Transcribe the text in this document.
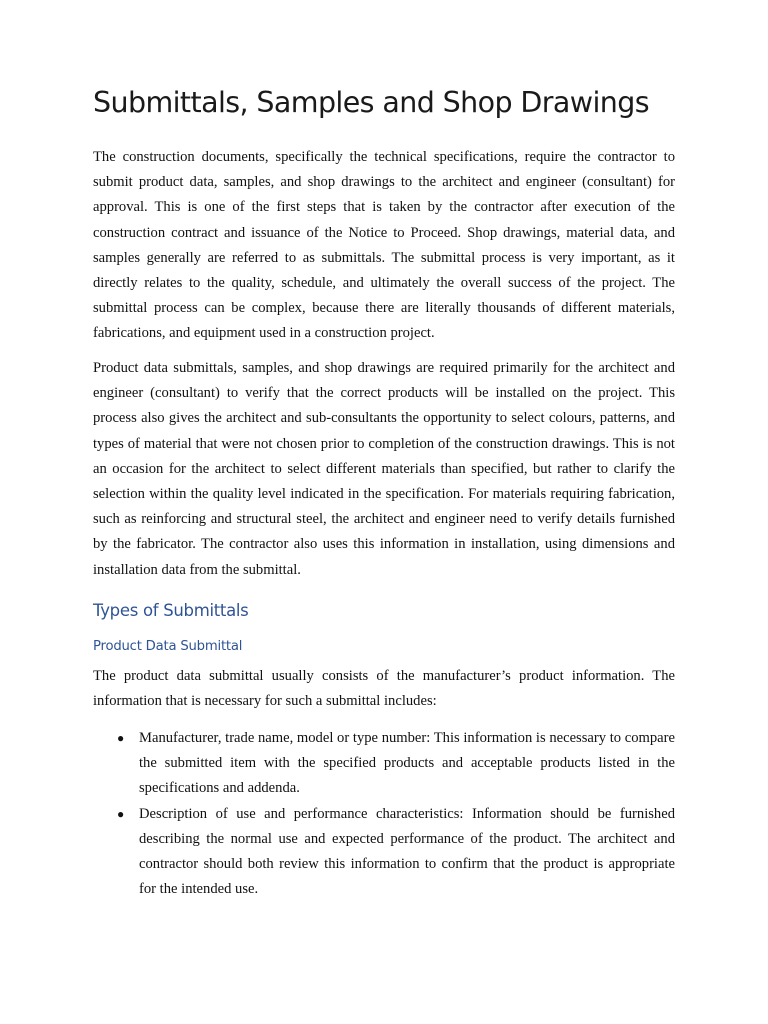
Submittals, Samples and Shop Drawings

The construction documents, specifically the technical specifications, require the contractor to submit product data, samples, and shop drawings to the architect and engineer (consultant) for approval. This is one of the first steps that is taken by the contractor after execution of the construction contract and issuance of the Notice to Proceed. Shop drawings, material data, and samples generally are referred to as submittals. The submittal process is very important, as it directly relates to the quality, schedule, and ultimately the overall success of the project. The submittal process can be complex, because there are literally thousands of different materials, fabrications, and equipment used in a construction project.

Product data submittals, samples, and shop drawings are required primarily for the architect and engineer (consultant) to verify that the correct products will be installed on the project. This process also gives the architect and sub-consultants the opportunity to select colours, patterns, and types of material that were not chosen prior to completion of the construction drawings. This is not an occasion for the architect to select different materials than specified, but rather to clarify the selection within the quality level indicated in the specification. For materials requiring fabrication, such as reinforcing and structural steel, the architect and engineer need to verify details furnished by the fabricator. The contractor also uses this information in installation, using dimensions and installation data from the submittal.

Types of Submittals
Product Data Submittal

The product data submittal usually consists of the manufacturer’s product information. The information that is necessary for such a submittal includes:

● Manufacturer, trade name, model or type number: This information is necessary to compare the submitted item with the specified products and acceptable products listed in the specifications and addenda.
● Description of use and performance characteristics: Information should be furnished describing the normal use and expected performance of the product. The architect and contractor should both review this information to confirm that the product is appropriate for the intended use.
